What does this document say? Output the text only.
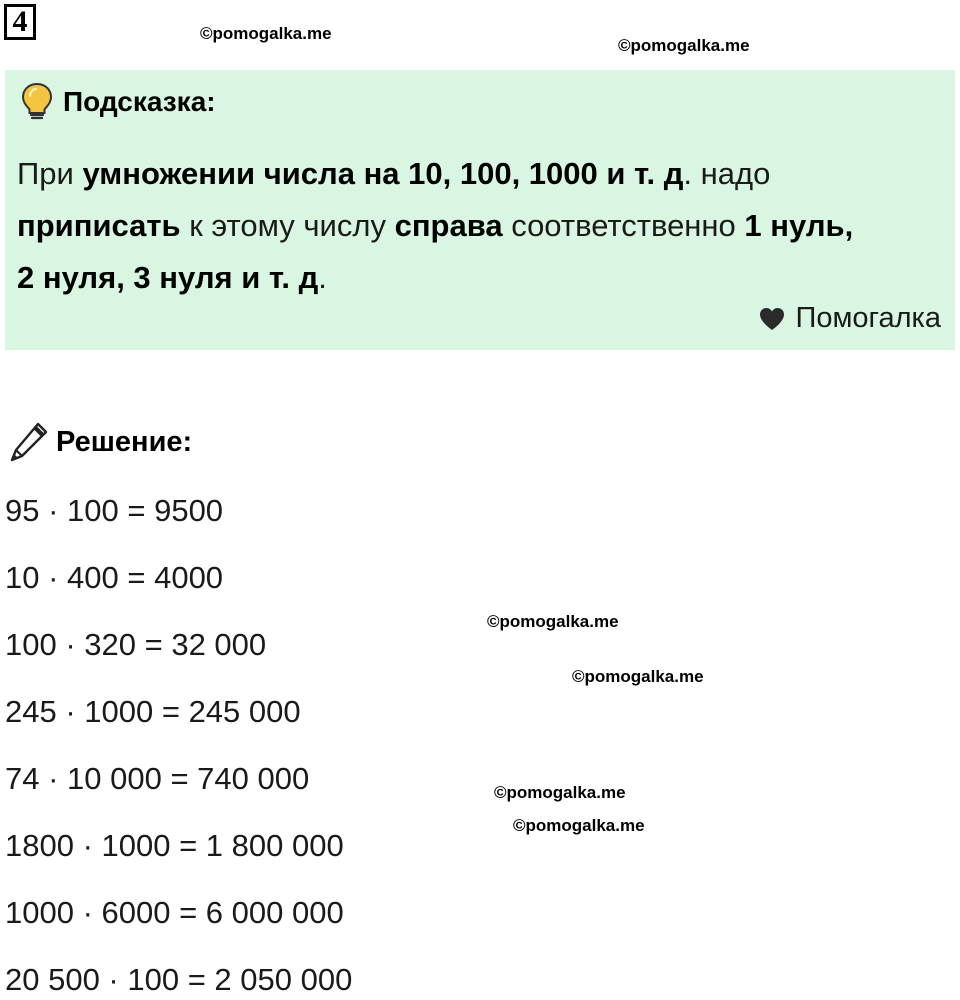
4	©pomogalka.me
©pomogalka.me
Подсказка:
При умножении числа на 10, 100, 1000 и т. д. надо
приписать к этому числу справа соответственно 1 нуль,
2 нуля, 3 нуля и т. д.
Помогалка
Решение:
95 · 100 = 9500
10 · 400 = 4000
100 · 320 = 32 000
245 · 1000 = 245 000
74 · 10 000 = 740 000
1800 · 1000 = 1 800 000
1000 · 6000 = 6 000 000
20 500 · 100 = 2 050 000
©pomogalka.me
©pomogalka.me
©pomogalka.me
©pomogalka.me
